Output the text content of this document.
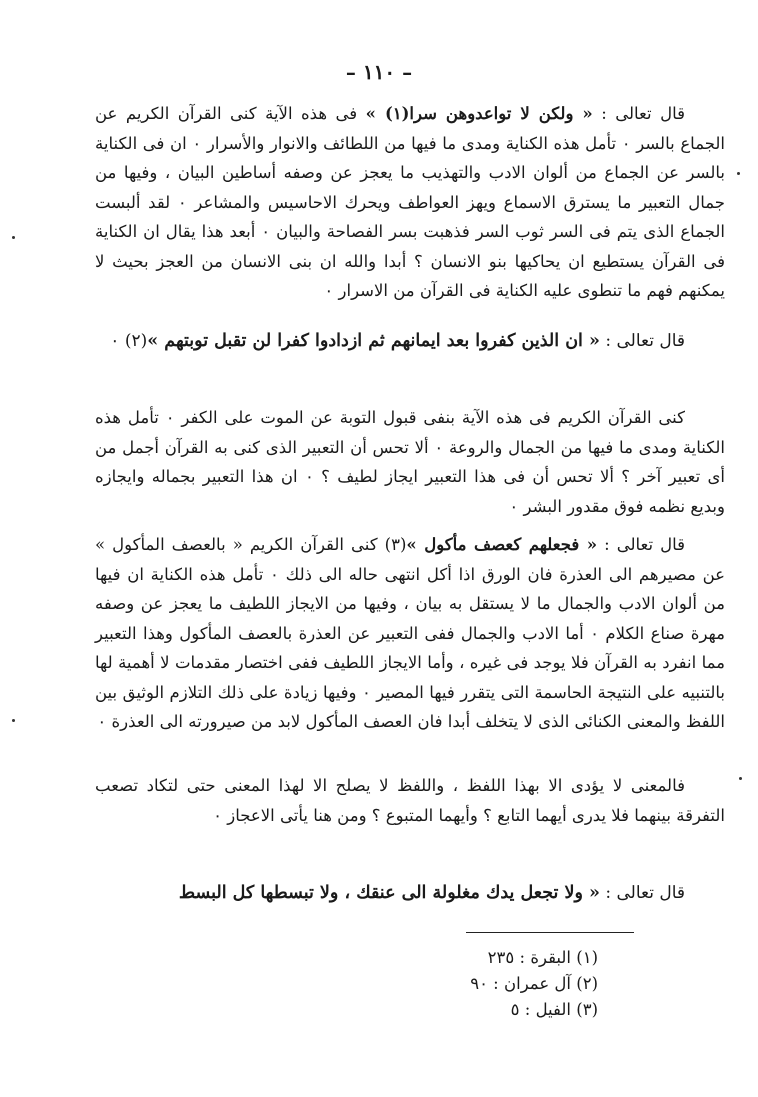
– ١١٠ –

قال تعالى : « ولكن لا تواعدوهن سرا(١) » فى هذه الآية كنى القرآن الكريم عن الجماع بالسر ٠ تأمل هذه الكناية ومدى ما فيها من اللطائف والانوار والأسرار ٠ ان فى الكناية بالسر عن الجماع من ألوان الادب والتهذيب ما يعجز عن وصفه أساطين البيان ، وفيها من جمال التعبير ما يسترق الاسماع ويهز العواطف ويحرك الاحاسيس والمشاعر ٠ لقد ألبست الجماع الذى يتم فى السر ثوب السر فذهبت بسر الفصاحة والبيان ٠ أبعد هذا يقال ان الكناية فى القرآن يستطيع ان يحاكيها بنو الانسان ؟ أبدا والله ان بنى الانسان من العجز بحيث لا يمكنهم فهم ما تنطوى عليه الكناية فى القرآن من الاسرار ٠

قال تعالى : « ان الذين كفروا بعد ايمانهم ثم ازدادوا كفرا لن تقبل توبتهم »(٢) ٠

كنى القرآن الكريم فى هذه الآية بنفى قبول التوبة عن الموت على الكفر ٠ تأمل هذه الكناية ومدى ما فيها من الجمال والروعة ٠ ألا تحس أن التعبير الذى كنى به القرآن أجمل من أى تعبير آخر ؟ ألا تحس أن فى هذا التعبير ايجاز لطيف ؟ ٠ ان هذا التعبير بجماله وايجازه وبديع نظمه فوق مقدور البشر ٠

قال تعالى : « فجعلهم كعصف مأكول »(٣) كنى القرآن الكريم « بالعصف المأكول » عن مصيرهم الى العذرة فان الورق اذا أكل انتهى حاله الى ذلك ٠ تأمل هذه الكناية ان فيها من ألوان الادب والجمال ما لا يستقل به بيان ، وفيها من الايجاز اللطيف ما يعجز عن وصفه مهرة صناع الكلام ٠ أما الادب والجمال ففى التعبير عن العذرة بالعصف المأكول وهذا التعبير مما انفرد به القرآن فلا يوجد فى غيره ، وأما الايجاز اللطيف ففى اختصار مقدمات لا أهمية لها بالتنبيه على النتيجة الحاسمة التى يتقرر فيها المصير ٠ وفيها زيادة على ذلك التلازم الوثيق بين اللفظ والمعنى الكنائى الذى لا يتخلف أبدا فان العصف المأكول لابد من صيرورته الى العذرة ٠

فالمعنى لا يؤدى الا بهذا اللفظ ، واللفظ لا يصلح الا لهذا المعنى حتى لتكاد تصعب التفرقة بينهما فلا يدرى أيهما التابع ؟ وأيهما المتبوع ؟ ومن هنا يأتى الاعجاز ٠

قال تعالى : « ولا تجعل يدك مغلولة الى عنقك ، ولا تبسطها كل البسط
(١) البقرة : ٢٣٥
(٢) آل عمران : ٩٠
(٣) الفيل : ٥
